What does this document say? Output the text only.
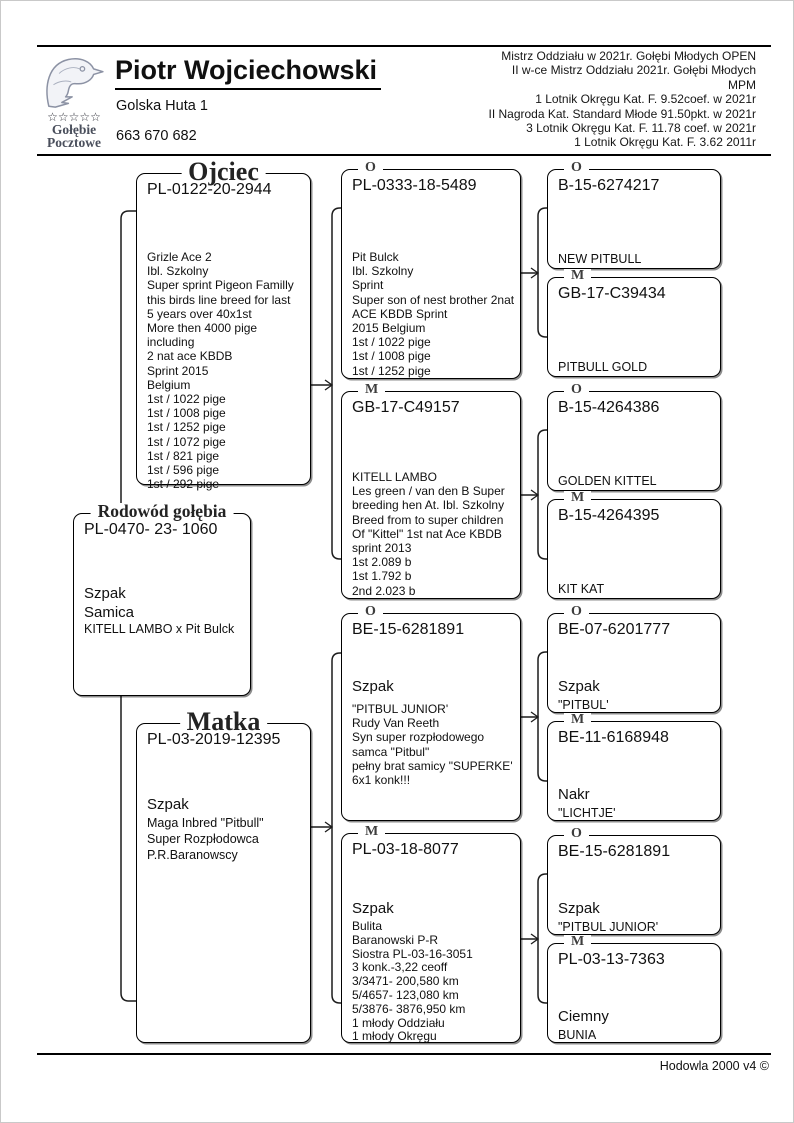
☆☆☆☆☆
Gołębie
Pocztowe
Piotr Wojciechowski
Golska Huta 1
663 670 682
Mistrz Oddziału w 2021r. Gołębi Młodych OPEN
II w-ce Mistrz Oddziału 2021r. Gołębi Młodych
MPM
1 Lotnik Okręgu Kat. F. 9.52coef. w 2021r
II Nagroda Kat. Standard Młode 91.50pkt. w 2021r
3 Lotnik Okręgu Kat. F. 11.78 coef. w 2021r
1 Lotnik Okręgu Kat. F. 3.62 2011r
Rodowód gołębia
PL-0470- 23- 1060
Szpak
Samica
KITELL LAMBO x Pit Bulck
Ojciec
PL-0122-20-2944
Grizle Ace 2
Ibl. Szkolny
Super sprint Pigeon Familly
this birds line breed for last
5 years over 40x1st
More then 4000 pige including
2 nat ace KBDB
Sprint 2015
Belgium
1st / 1022 pige
1st / 1008 pige
1st / 1252 pige
1st / 1072 pige
1st / 821 pige
1st / 596 pige
1st / 292 pige
Matka
PL-03-2019-12395
Szpak
Maga Inbred "Pitbull"
Super Rozpłodowca
P.R.Baranowscy
O
PL-0333-18-5489
Pit Bulck
Ibl. Szkolny
Sprint
Super son of nest brother 2nat
ACE KBDB Sprint
2015 Belgium
1st / 1022 pige
1st / 1008 pige
1st / 1252 pige
M
GB-17-C49157
KITELL LAMBO
Les green / van den B Super
breeding hen At. Ibl. Szkolny
Breed from to super children
Of "Kittel" 1st nat Ace KBDB
sprint 2013
1st 2.089 b
1st 1.792 b
2nd 2.023 b
O
BE-15-6281891
Szpak
"PITBUL JUNIOR'
Rudy Van Reeth
Syn super rozpłodowego
samca "Pitbul"
pełny brat samicy "SUPERKE'
6x1 konk!!!
M
PL-03-18-8077
Szpak
Bulita
Baranowski P-R
Siostra PL-03-16-3051
3 konk.-3,22 ceoff
3/3471- 200,580 km
5/4657- 123,080 km
5/3876- 3876,950 km
1 młody Oddziału
1 młody Okręgu
O
B-15-6274217
NEW PITBULL
M
GB-17-C39434
PITBULL GOLD
O
B-15-4264386
GOLDEN KITTEL
M
B-15-4264395
KIT KAT
O
BE-07-6201777
Szpak
"PITBUL'
M
BE-11-6168948
Nakr
"LICHTJE'
O
BE-15-6281891
Szpak
"PITBUL JUNIOR'
M
PL-03-13-7363
Ciemny
BUNIA
Hodowla 2000 v4 ©
